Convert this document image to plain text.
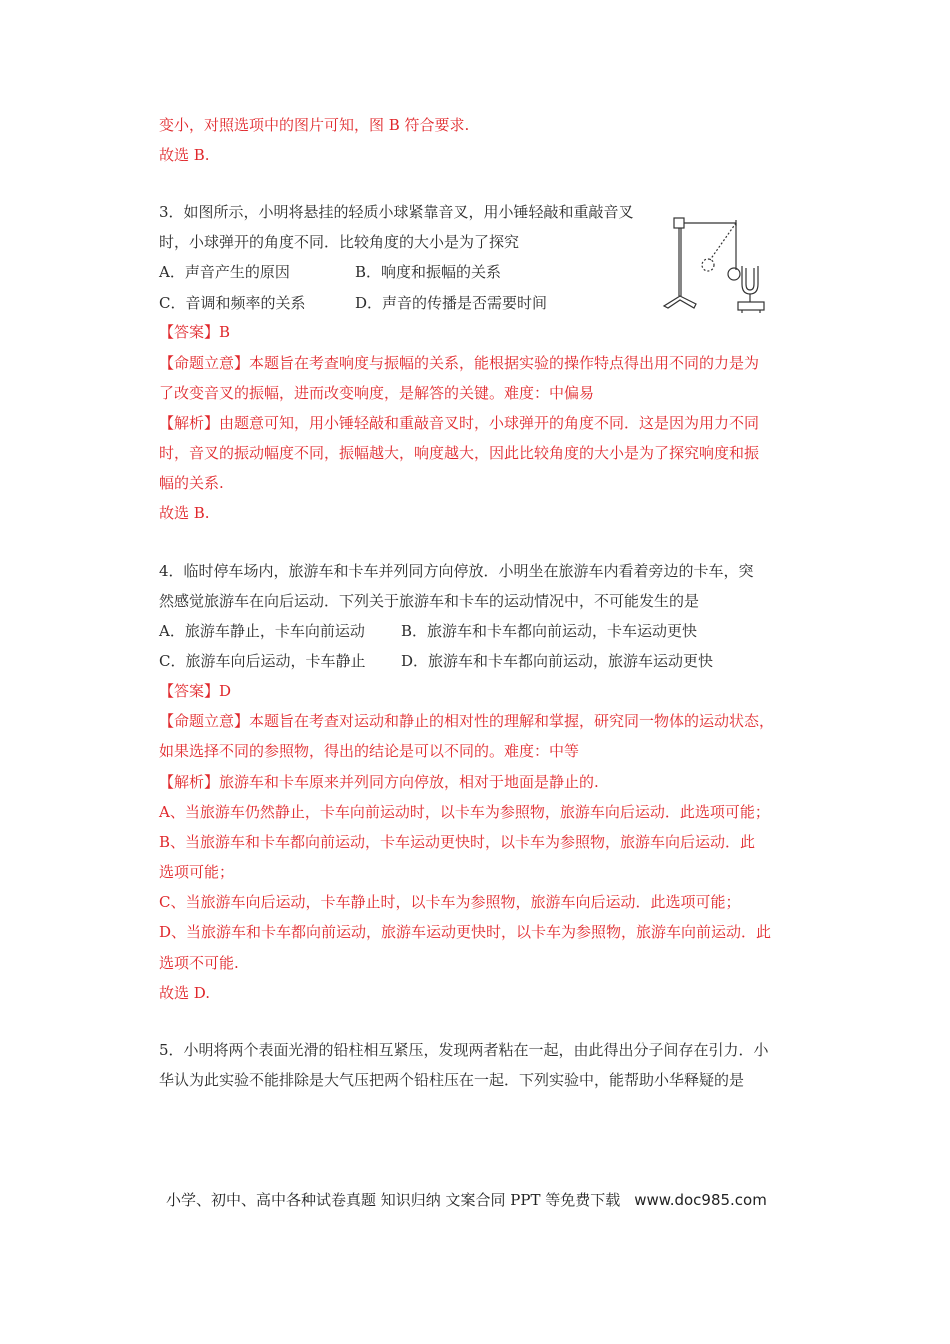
变小，对照选项中的图片可知，图 B 符合要求.
故选 B.
3．如图所示，小明将悬挂的轻质小球紧靠音叉，用小锤轻敲和重敲音叉
时，小球弹开的角度不同．比较角度的大小是为了探究
A．声音产生的原因	B．响度和振幅的关系
C．音调和频率的关系	D．声音的传播是否需要时间
【答案】B
【命题立意】本题旨在考查响度与振幅的关系，能根据实验的操作特点得出用不同的力是为
了改变音叉的振幅，进而改变响度，是解答的关键。难度：中偏易
【解析】由题意可知，用小锤轻敲和重敲音叉时，小球弹开的角度不同．这是因为用力不同
时，音叉的振动幅度不同，振幅越大，响度越大，因此比较角度的大小是为了探究响度和振
幅的关系.
故选 B.
4．临时停车场内，旅游车和卡车并列同方向停放．小明坐在旅游车内看着旁边的卡车，突
然感觉旅游车在向后运动．下列关于旅游车和卡车的运动情况中，不可能发生的是
A．旅游车静止，卡车向前运动 B．旅游车和卡车都向前运动，卡车运动更快
C．旅游车向后运动，卡车静止 D．旅游车和卡车都向前运动，旅游车运动更快
【答案】D
【命题立意】本题旨在考查对运动和静止的相对性的理解和掌握，研究同一物体的运动状态，
如果选择不同的参照物，得出的结论是可以不同的。难度：中等
【解析】旅游车和卡车原来并列同方向停放，相对于地面是静止的.
A、当旅游车仍然静止，卡车向前运动时，以卡车为参照物，旅游车向后运动．此选项可能；
B、当旅游车和卡车都向前运动，卡车运动更快时，以卡车为参照物，旅游车向后运动．此
选项可能；
C、当旅游车向后运动，卡车静止时，以卡车为参照物，旅游车向后运动．此选项可能；
D、当旅游车和卡车都向前运动，旅游车运动更快时，以卡车为参照物，旅游车向前运动．此
选项不可能.
故选 D.
5．小明将两个表面光滑的铅柱相互紧压，发现两者粘在一起，由此得出分子间存在引力．小
华认为此实验不能排除是大气压把两个铅柱压在一起．下列实验中，能帮助小华释疑的是
小学、初中、高中各种试卷真题 知识归纳 文案合同 PPT 等免费下载 www.doc985.com
